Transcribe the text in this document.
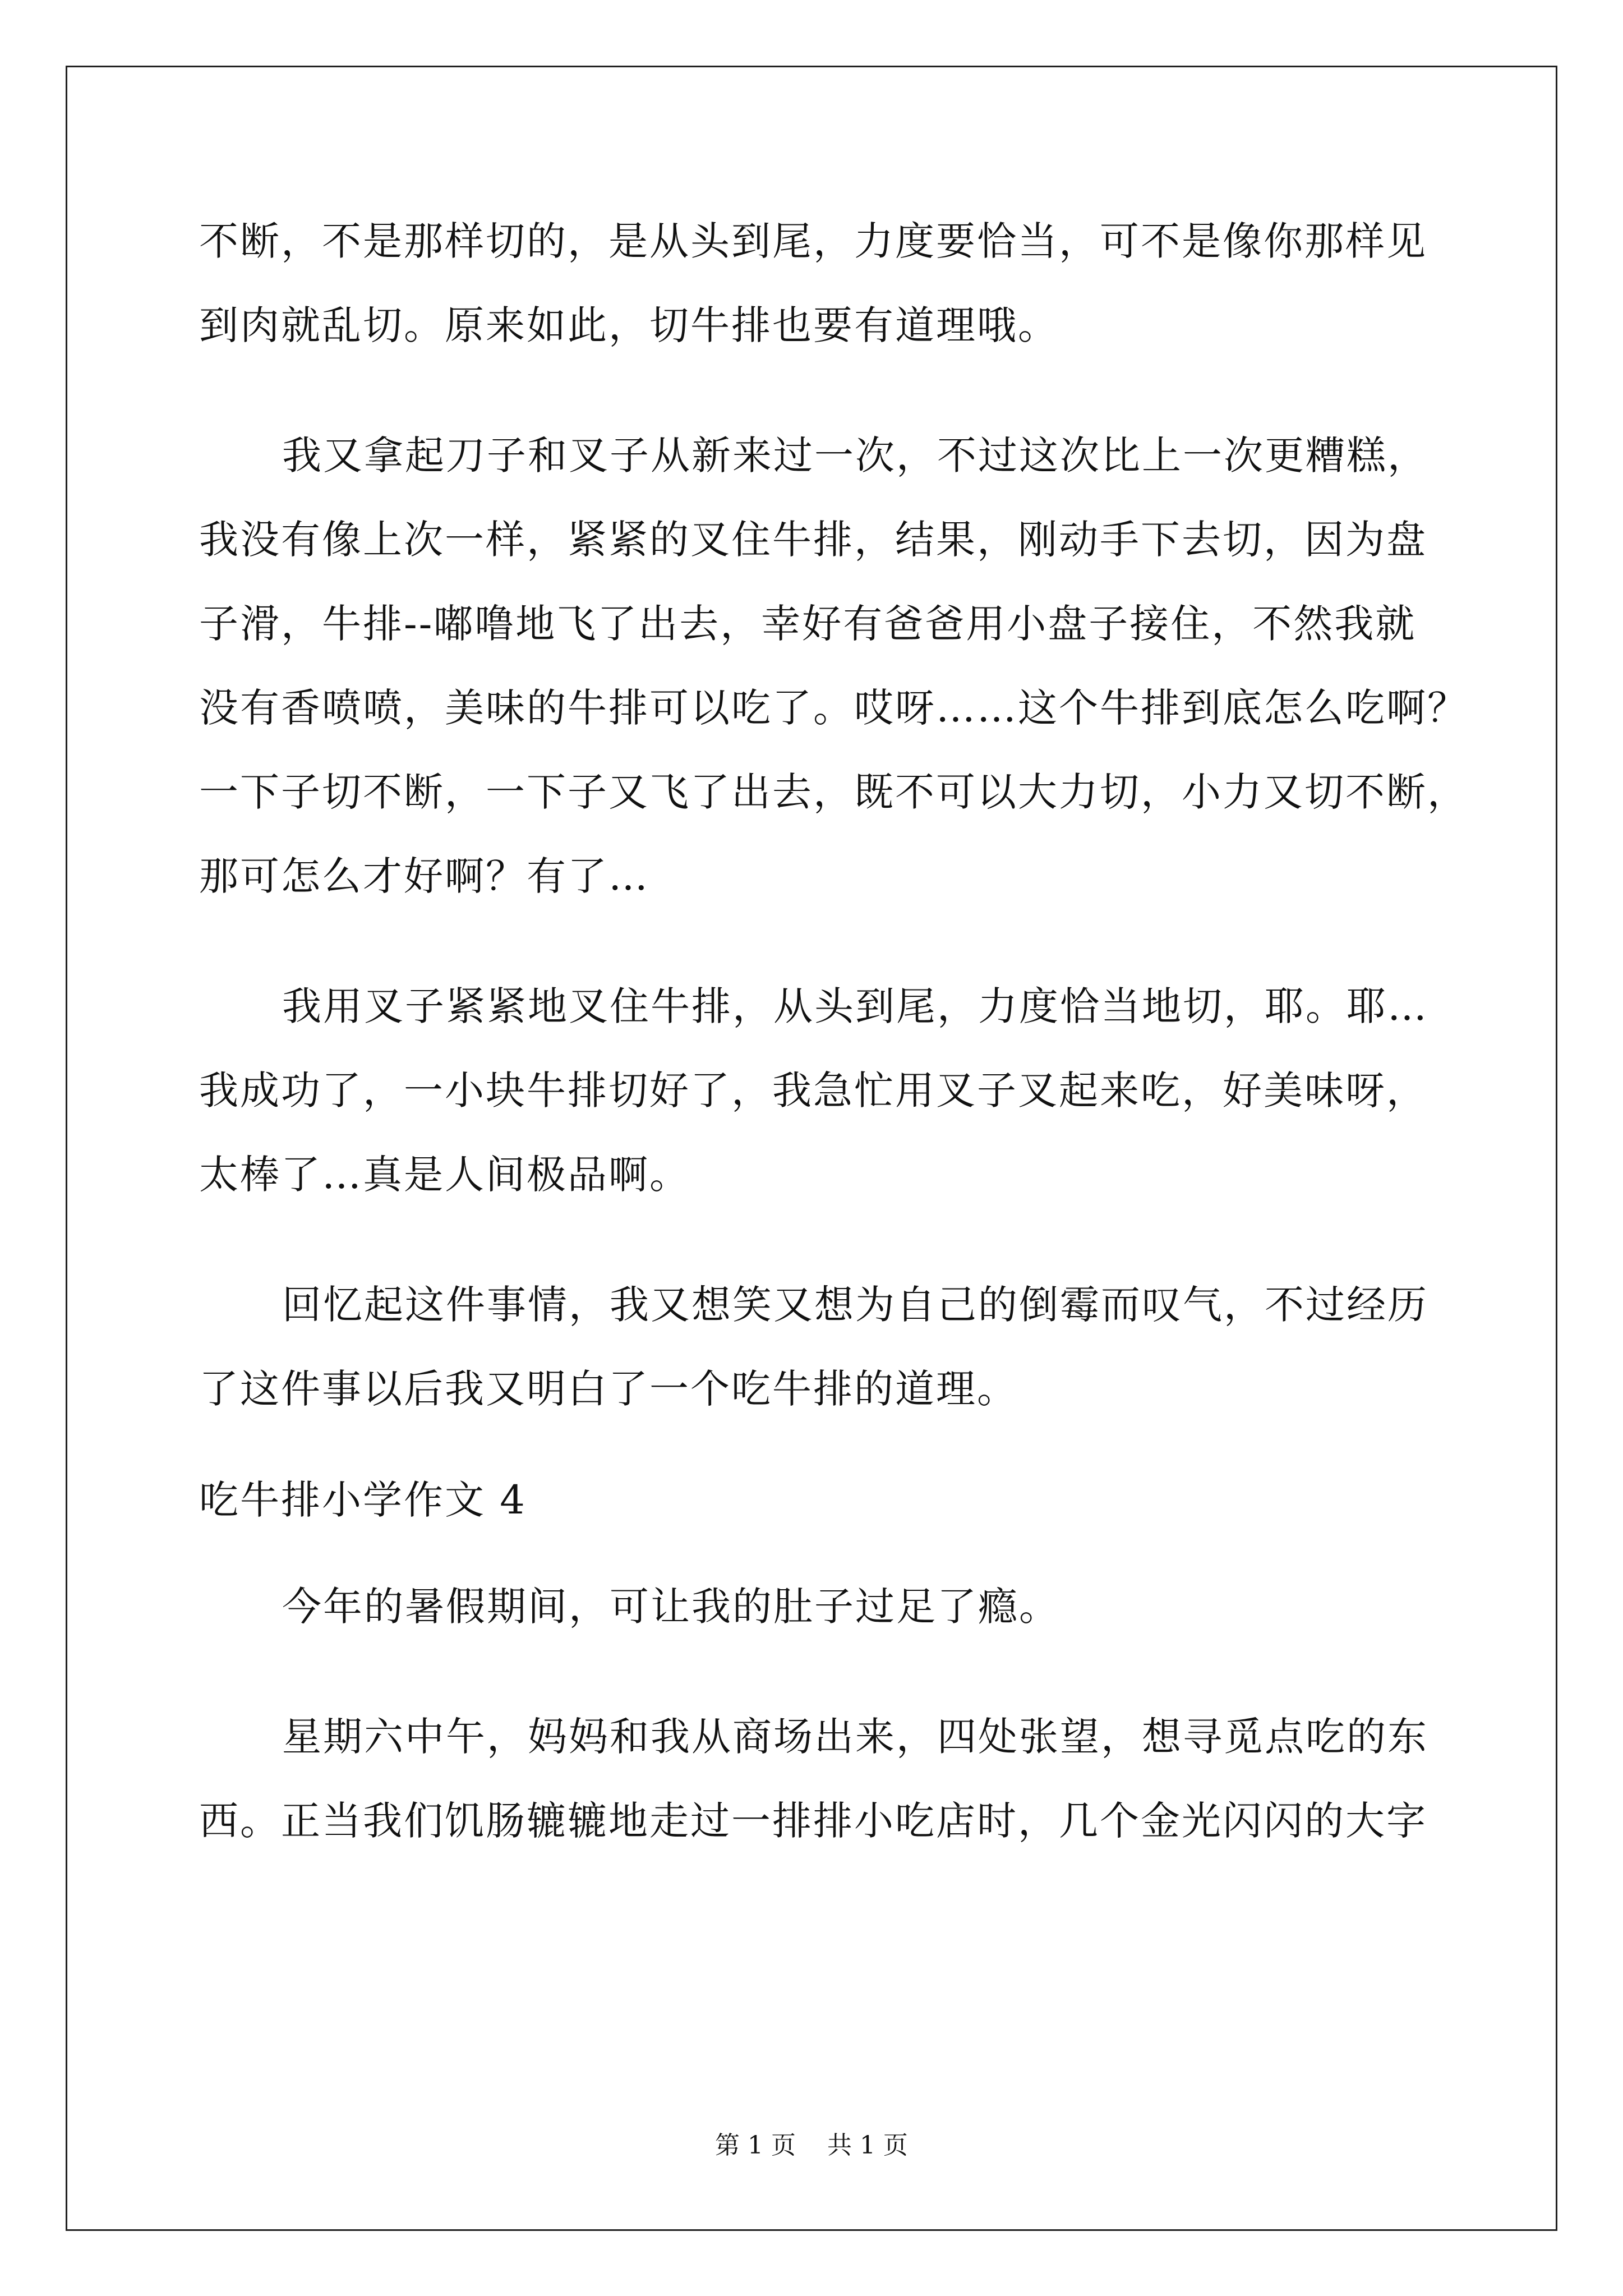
不断，不是那样切的，是从头到尾，力度要恰当，可不是像你那样见
到肉就乱切。原来如此，切牛排也要有道理哦。
我又拿起刀子和叉子从新来过一次，不过这次比上一次更糟糕，
我没有像上次一样，紧紧的叉住牛排，结果，刚动手下去切，因为盘
子滑，牛排--嘟噜地飞了出去，幸好有爸爸用小盘子接住，不然我就
没有香喷喷，美味的牛排可以吃了。哎呀……这个牛排到底怎么吃啊？
一下子切不断，一下子又飞了出去，既不可以大力切，小力又切不断，
那可怎么才好啊？有了…
我用叉子紧紧地叉住牛排，从头到尾，力度恰当地切，耶。耶…
我成功了，一小块牛排切好了，我急忙用叉子叉起来吃，好美味呀，
太棒了…真是人间极品啊。
回忆起这件事情，我又想笑又想为自己的倒霉而叹气，不过经历
了这件事以后我又明白了一个吃牛排的道理。
吃牛排小学作文 4
今年的暑假期间，可让我的肚子过足了瘾。
星期六中午，妈妈和我从商场出来，四处张望，想寻觅点吃的东
西。正当我们饥肠辘辘地走过一排排小吃店时，几个金光闪闪的大字
第 1 页    共 1 页
